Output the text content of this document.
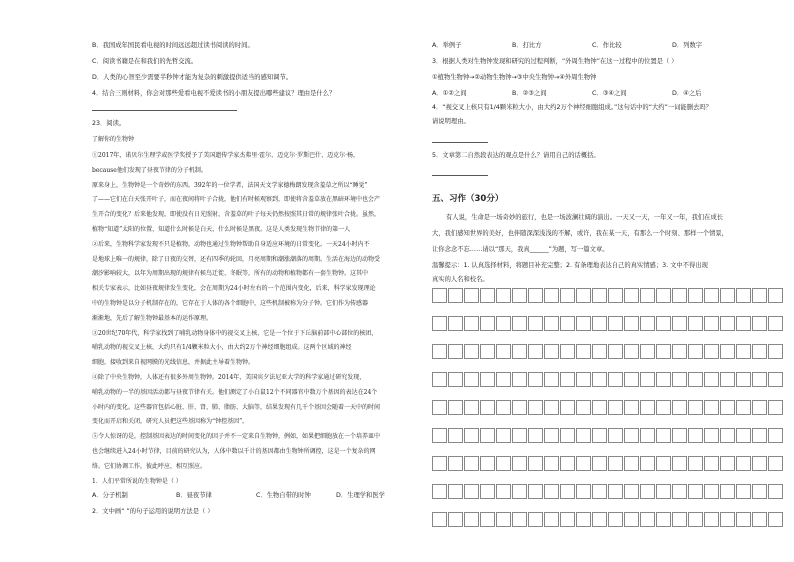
B．我国成年国民看电视的时间远远超过读书阅读的时间。
C．阅读书籍是在和我们的先哲交流。
D．人类的心智至少需要半秒钟才能为复杂的刺激提供适当的感知调节。
4．结合三则材料，你会对那些爱看电视不爱读书的小朋友提出哪些建议？理由是什么？
23．阅读。
了解你的生物钟
①2017年，诺贝尔生理学或医学奖授予了美国遗传学家杰弗里·霍尔、迈克尔·罗斯巴什、迈克尔·杨，
because他们发现了昼夜节律的分子机制。
原来身上，生物钟是一个奇妙的东西。392年的一位学者，法国天文学家德梅朗发现含羞草之所以“睡觉”
了——它们在白天张开叶子，而在夜间将叶子合拢，他们有时候观察到，即使将含羞草放在黑暗环境中也会产
生开合的变化？后来他发现，即使没有日光照射，含羞草的叶子每天仍然按照其日常的规律张叶合拢。虽然，
植物“知道”太阳的位置，知道什么时候是白天，什么时候是黑夜。这是人类发现生物节律的第一人
②后来，生物科学家发现不只是植物，动物也通过生物钟帮助自身适应环境的日常变化。一天24小时内不
是地球上唯一的规律，除了日夜的交替，还有四季的轮回，月亮周期和潮涨潮落的周期。生活在海边的动物受
潮汐影响较大，以年为周期出现的规律有候鸟迁徙、冬眠等，所有的动物和植物都有一套生物钟。这其中
相关专家表示，比如昼夜规律发生变化，会在周期为24小时左右的一个范围内变化，后来，科学家发现理论
中的生物钟是以分子机制存在的，它存在于人体的各个细胞中，这些机制被称为分子钟。它们作为传感器
渐渐地，先后了解生物钟最基本的运作原理。
③20世纪70年代，科学家找到了哺乳动物身体中的视交叉上核，它是一个位于下丘脑前部中心部位的核团，
哺乳动物的视交叉上核，大约只有1/4颗米粒大小，由大约2万个神经细胞组成。这两个区域的神经
细胞，接收到来自视网膜的光线信息，并据此主导着生物钟。
④除了中央生物钟，人体还有很多外周生物钟。2014年，美国宾夕法尼亚大学的科学家通过研究发现，
哺乳动物的一半的基因活动都与昼夜节律有关。他们测定了小白鼠12个不同器官中数万个基因的表达在24个
小时内的变化。这些器官包括心脏、肝、肾、肺、脂肪、大脑等，结果发现有几千个基因会随着一天中的时间
变化而开启和关闭，研究人员把这些基因称为“钟控基因”。
⑤令人惊讶的是，控制基因表达的时间变化的因子并不一定来自生物钟，例如，如果把细胞放在一个培养皿中
也会继续进入24小时节律，目前的研究认为，人体中数以千计的基因都由生物钟所调控，这是一个复杂的网
络。它们协调工作，彼此呼应，相互照应。
1．人们平常所说的生物钟是（ ）
A．分子机制	B．昼夜节律	C．生物自带的时钟	D．生理学和医学
2．文中画“ ”的句子运用的说明方法是（ ）
A．举例子	B．打比方	C．作比较	D．列数字
3．根据人类对生物钟发现和研究的过程判断，“外周生物钟”在这一过程中的位置是（ ）
①植物生物钟→②动物生物钟→③中央生物钟→④外周生物钟
A．①②之间	B．②③之间	C．③④之间	D．④之后
4．“视交叉上核只有1/4颗米粒大小，由大约2万个神经细胞组成。”这句话中的“大约”一词能删去吗？
请说明理由。
5．文章第二自然段表达的观点是什么？请用自己的话概括。
五、习作（30分）
有人说，生命是一场奇妙的旅行，也是一场波澜壮阔的演出。一天又一天，一年又一年，我们在成长
大，我们感知世界的美好，也伴随深深浅浅的不解，或许，我在某一天，有那么一个时刻、那样一个情景，
让你念念不忘……请以“那天，我真______”为题，写一篇文章。
温馨提示：1. 认真选择材料，将题目补充完整；2. 有条理地表达自己的真实情感；3. 文中不得出现
真实的人名和校名。
